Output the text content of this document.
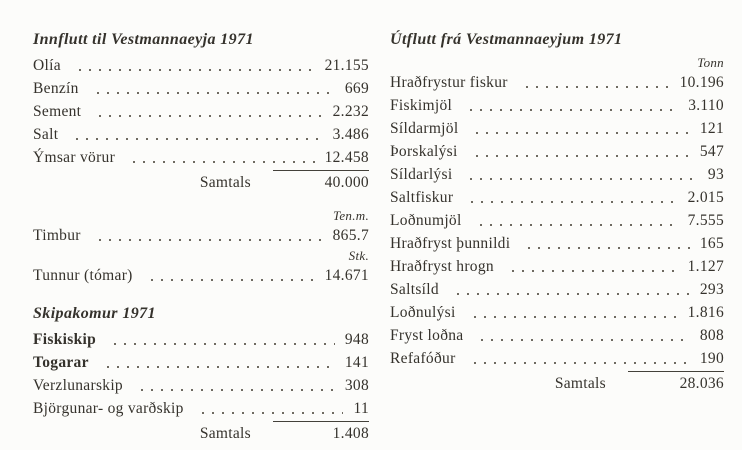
Innflutt til Vestmannaeyja 1971
Olía	21.155
Benzín	669
Sement	2.232
Salt	3.486
Ýmsar vörur	12.458
Samtals	40.000
Ten.m.
Timbur	865.7
Stk.
Tunnur (tómar)	14.671
Skipakomur 1971
Fiskiskip	948
Togarar	141
Verzlunarskip	308
Björgunar- og varðskip	11
Samtals	1.408
Útflutt frá Vestmannaeyjum 1971
Tonn
Hraðfrystur fiskur	10.196
Fiskimjöl	3.110
Síldarmjöl	121
Þorskalýsi	547
Síldarlýsi	93
Saltfiskur	2.015
Loðnumjöl	7.555
Hraðfryst þunnildi	165
Hraðfryst hrogn	1.127
Saltsíld	293
Loðnulýsi	1.816
Fryst loðna	808
Refafóður	190
Samtals	28.036
